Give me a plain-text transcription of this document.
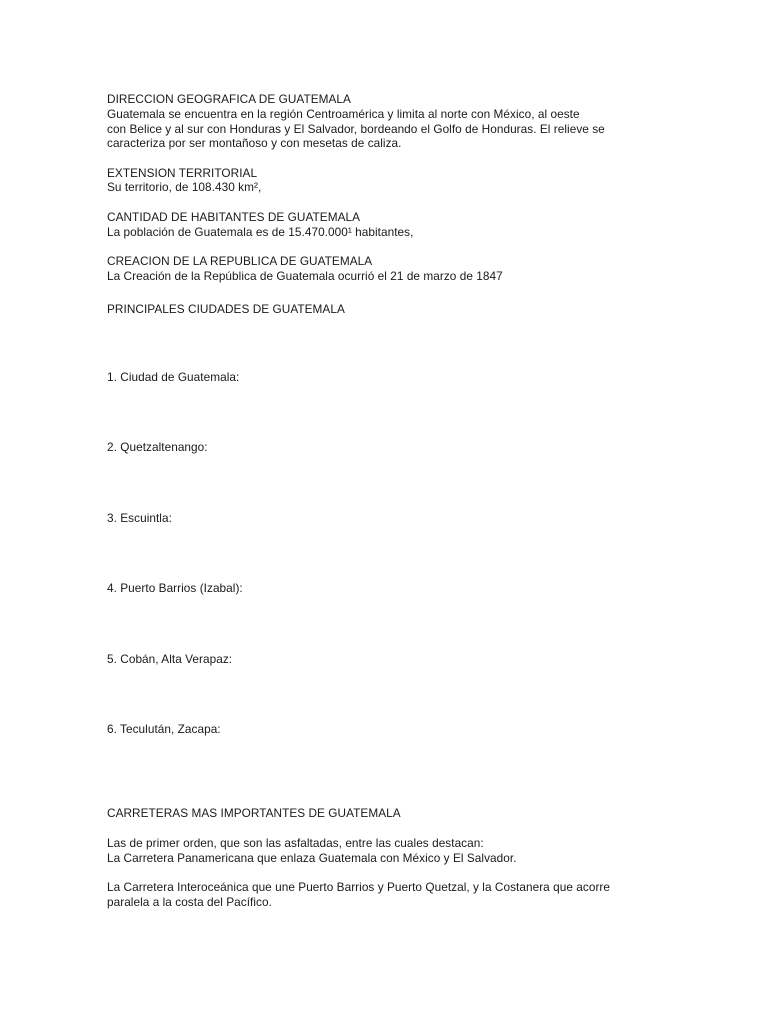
DIRECCION GEOGRAFICA DE GUATEMALA

Guatemala se encuentra en la región Centroamérica y limita al norte con México, al oeste

con Belice y al sur con Honduras y El Salvador, bordeando el Golfo de Honduras. El relieve se

caracteriza por ser montañoso y con mesetas de caliza.

EXTENSION TERRITORIAL

Su territorio, de 108.430 km²,

CANTIDAD DE HABITANTES DE GUATEMALA

La población de Guatemala es de 15.470.000¹ habitantes,

CREACION DE LA REPUBLICA DE GUATEMALA

La Creación de la República de Guatemala ocurrió el 21 de marzo de 1847

PRINCIPALES CIUDADES DE GUATEMALA

1. Ciudad de Guatemala:

2. Quetzaltenango:

3. Escuintla:

4. Puerto Barrios (Izabal):

5. Cobán, Alta Verapaz:

6. Teculután, Zacapa:

CARRETERAS MAS IMPORTANTES DE GUATEMALA

Las de primer orden, que son las asfaltadas, entre las cuales destacan:

La Carretera Panamericana que enlaza Guatemala con México y El Salvador.

La Carretera Interoceánica que une Puerto Barrios y Puerto Quetzal, y la Costanera que acorre

paralela a la costa del Pacífico.
